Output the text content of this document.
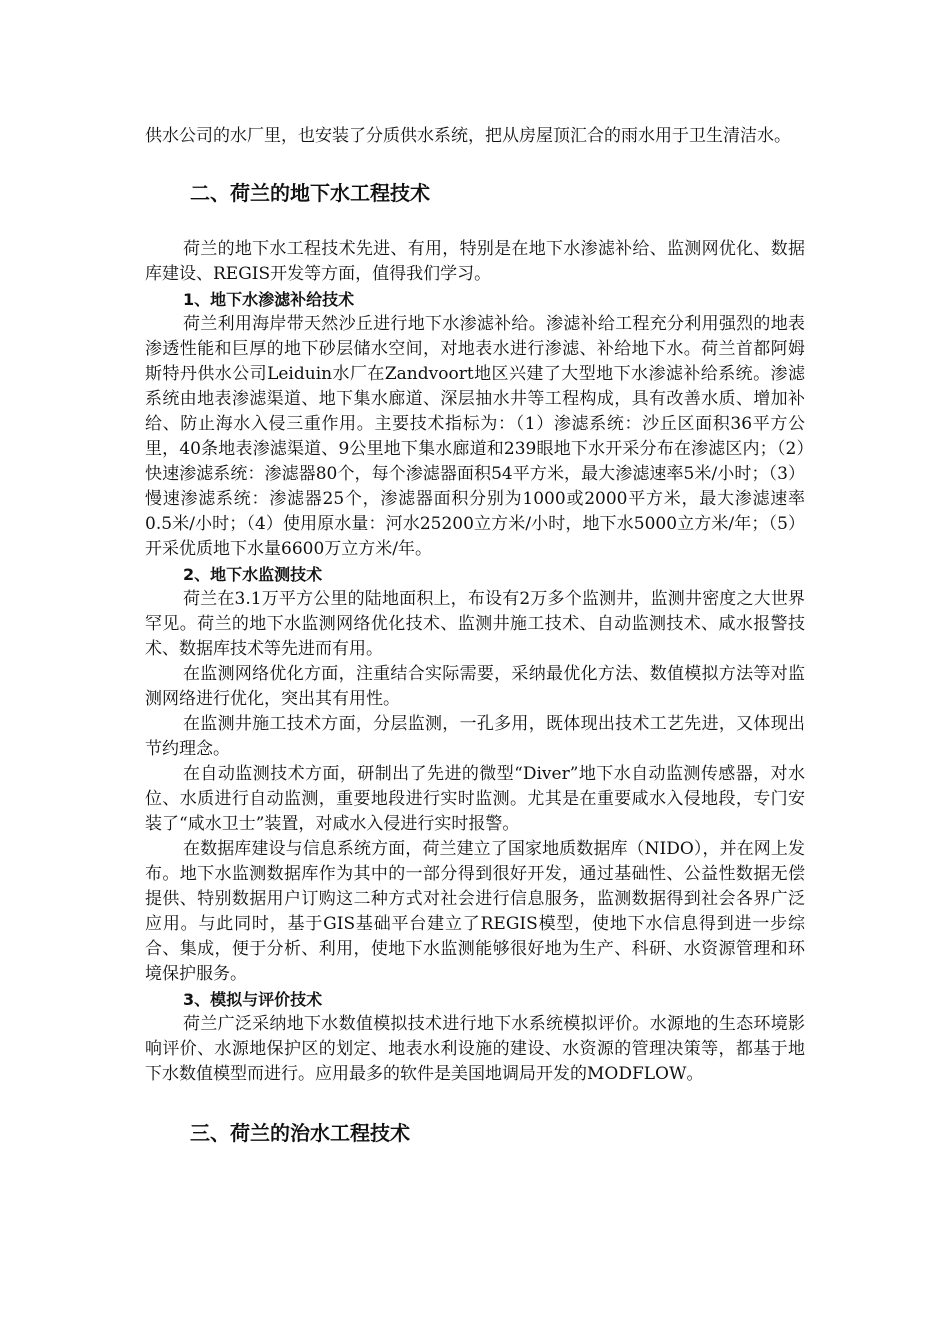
供水公司的水厂里，也安装了分质供水系统，把从房屋顶汇合的雨水用于卫生清洁水。

二、荷兰的地下水工程技术

荷兰的地下水工程技术先进、有用，特别是在地下水渗滤补给、监测网优化、数据库建设、REGIS开发等方面，值得我们学习。

1、地下水渗滤补给技术

荷兰利用海岸带天然沙丘进行地下水渗滤补给。渗滤补给工程充分利用强烈的地表渗透性能和巨厚的地下砂层储水空间，对地表水进行渗滤、补给地下水。荷兰首都阿姆斯特丹供水公司Leiduin水厂在Zandvoort地区兴建了大型地下水渗滤补给系统。渗滤系统由地表渗滤渠道、地下集水廊道、深层抽水井等工程构成，具有改善水质、增加补给、防止海水入侵三重作用。主要技术指标为：（1）渗滤系统：沙丘区面积36平方公里，40条地表渗滤渠道、9公里地下集水廊道和239眼地下水开采分布在渗滤区内；（2）快速渗滤系统：渗滤器80个，每个渗滤器面积54平方米，最大渗滤速率5米/小时；（3）慢速渗滤系统：渗滤器25个，渗滤器面积分别为1000或2000平方米，最大渗滤速率0.5米/小时；（4）使用原水量：河水25200立方米/小时，地下水5000立方米/年；（5）开采优质地下水量6600万立方米/年。

2、地下水监测技术

荷兰在3.1万平方公里的陆地面积上，布设有2万多个监测井，监测井密度之大世界罕见。荷兰的地下水监测网络优化技术、监测井施工技术、自动监测技术、咸水报警技术、数据库技术等先进而有用。

在监测网络优化方面，注重结合实际需要，采纳最优化方法、数值模拟方法等对监测网络进行优化，突出其有用性。

在监测井施工技术方面，分层监测，一孔多用，既体现出技术工艺先进，又体现出节约理念。

在自动监测技术方面，研制出了先进的微型“Diver”地下水自动监测传感器，对水位、水质进行自动监测，重要地段进行实时监测。尤其是在重要咸水入侵地段，专门安装了“咸水卫士”装置，对咸水入侵进行实时报警。

在数据库建设与信息系统方面，荷兰建立了国家地质数据库（NIDO），并在网上发布。地下水监测数据库作为其中的一部分得到很好开发，通过基础性、公益性数据无偿提供、特别数据用户订购这二种方式对社会进行信息服务，监测数据得到社会各界广泛应用。与此同时，基于GIS基础平台建立了REGIS模型，使地下水信息得到进一步综合、集成，便于分析、利用，使地下水监测能够很好地为生产、科研、水资源管理和环境保护服务。

3、模拟与评价技术

荷兰广泛采纳地下水数值模拟技术进行地下水系统模拟评价。水源地的生态环境影响评价、水源地保护区的划定、地表水利设施的建设、水资源的管理决策等，都基于地下水数值模型而进行。应用最多的软件是美国地调局开发的MODFLOW。

三、荷兰的治水工程技术
